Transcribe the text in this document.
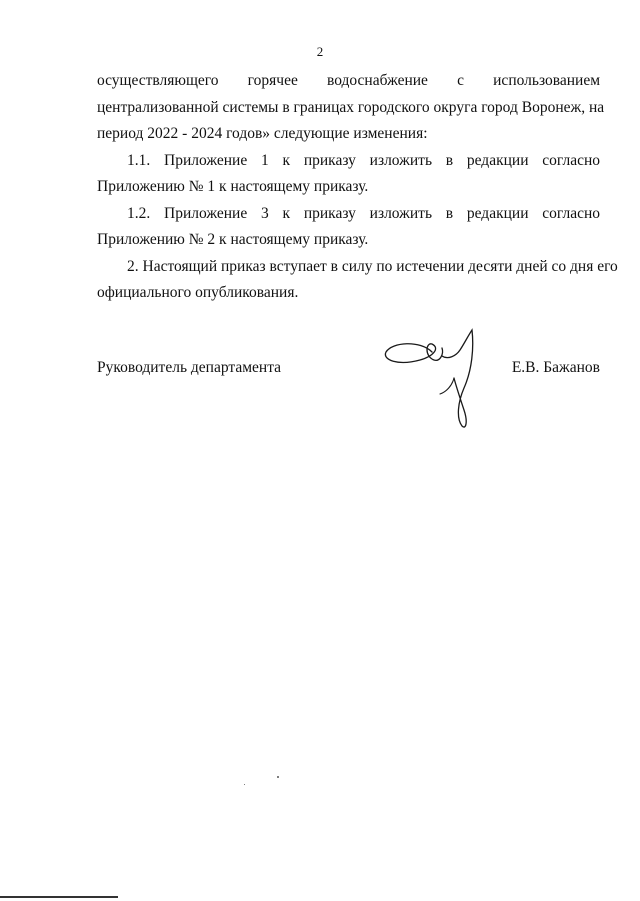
2
осуществляющего горячее водоснабжение с использованием
централизованной системы в границах городского округа город Воронеж, на
период 2022 - 2024 годов» следующие изменения:
1.1. Приложение 1 к приказу изложить в редакции согласно
Приложению № 1 к настоящему приказу.
1.2. Приложение 3 к приказу изложить в редакции согласно
Приложению № 2 к настоящему приказу.
2. Настоящий приказ вступает в силу по истечении десяти дней со дня его
официального опубликования.
Руководитель департамента	Е.В. Бажанов
